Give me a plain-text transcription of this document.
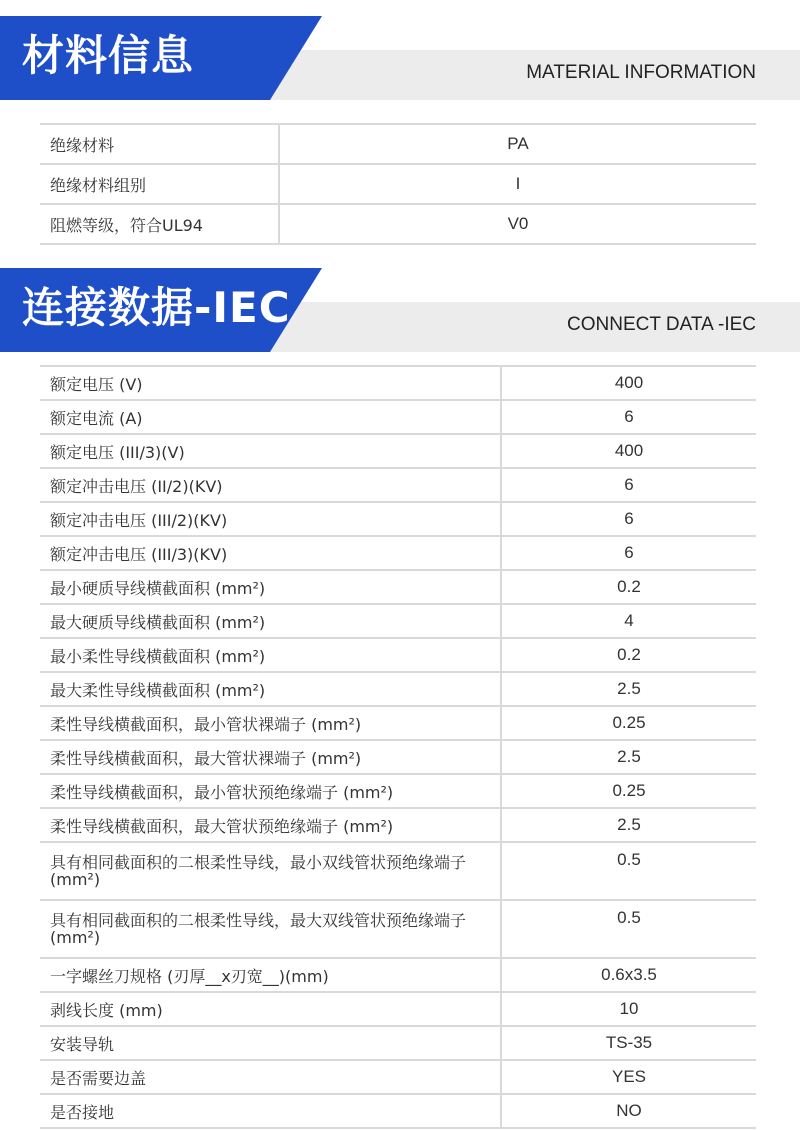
材料信息	MATERIAL INFORMATION
绝缘材料	PA
绝缘材料组别	I
阻燃等级，符合UL94	V0
连接数据-IEC	CONNECT DATA -IEC
额定电压 (V)	400
额定电流 (A)	6
额定电压 (III/3)(V)	400
额定冲击电压 (II/2)(KV)	6
额定冲击电压 (III/2)(KV)	6
额定冲击电压 (III/3)(KV)	6
最小硬质导线横截面积 (mm²)	0.2
最大硬质导线横截面积 (mm²)	4
最小柔性导线横截面积 (mm²)	0.2
最大柔性导线横截面积 (mm²)	2.5
柔性导线横截面积，最小管状裸端子 (mm²)	0.25
柔性导线横截面积，最大管状裸端子 (mm²)	2.5
柔性导线横截面积，最小管状预绝缘端子 (mm²)	0.25
柔性导线横截面积，最大管状预绝缘端子 (mm²)	2.5
具有相同截面积的二根柔性导线，最小双线管状预绝缘端子 (mm²)	0.5
具有相同截面积的二根柔性导线，最大双线管状预绝缘端子 (mm²)	0.5
一字螺丝刀规格 (刃厚__x刃宽__)(mm)	0.6x3.5
剥线长度 (mm)	10
安装导轨	TS-35
是否需要边盖	YES
是否接地	NO
